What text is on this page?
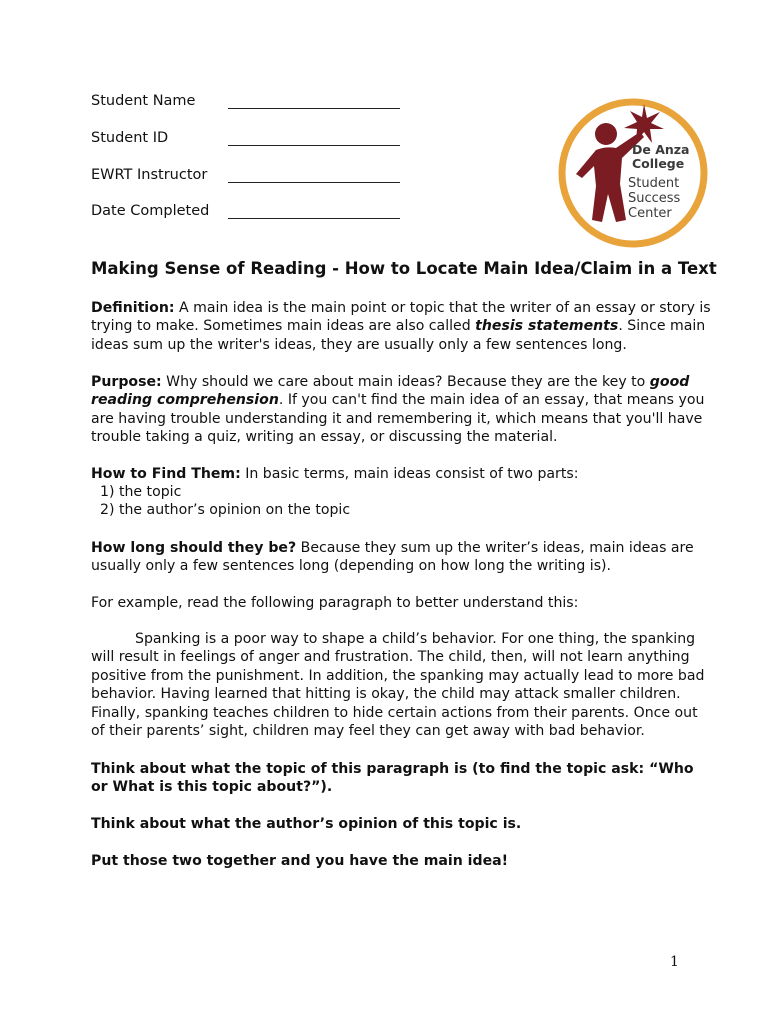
Student Name
Student ID
EWRT Instructor
Date Completed
De Anza
College
Student
Success
Center
Making Sense of Reading - How to Locate Main Idea/Claim in a Text
Definition: A main idea is the main point or topic that the writer of an essay or story is trying to make. Sometimes main ideas are also called thesis statements. Since main ideas sum up the writer's ideas, they are usually only a few sentences long.
Purpose: Why should we care about main ideas? Because they are the key to good reading comprehension. If you can't find the main idea of an essay, that means you are having trouble understanding it and remembering it, which means that you'll have trouble taking a quiz, writing an essay, or discussing the material.
How to Find Them: In basic terms, main ideas consist of two parts:
1) the topic
2) the author’s opinion on the topic
How long should they be? Because they sum up the writer’s ideas, main ideas are usually only a few sentences long (depending on how long the writing is).
For example, read the following paragraph to better understand this:
Spanking is a poor way to shape a child’s behavior. For one thing, the spanking will result in feelings of anger and frustration. The child, then, will not learn anything positive from the punishment. In addition, the spanking may actually lead to more bad behavior. Having learned that hitting is okay, the child may attack smaller children. Finally, spanking teaches children to hide certain actions from their parents. Once out of their parents’ sight, children may feel they can get away with bad behavior.
Think about what the topic of this paragraph is (to find the topic ask: “Who or What is this topic about?”).
Think about what the author’s opinion of this topic is.
Put those two together and you have the main idea!
1
